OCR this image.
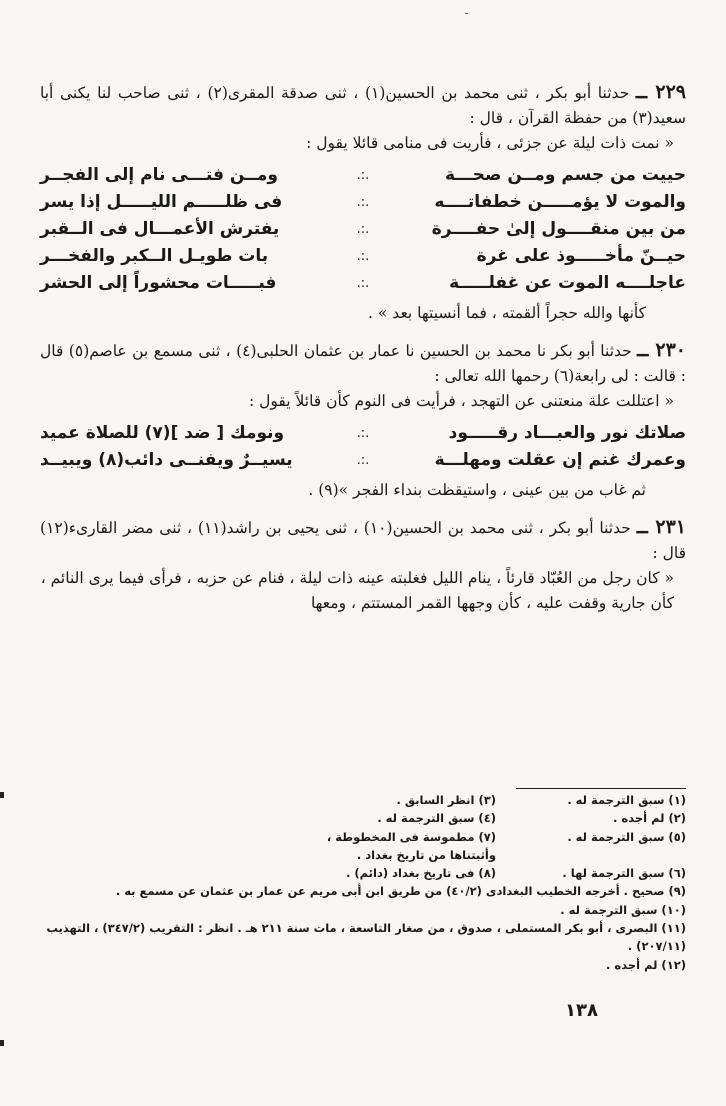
ـ

٢٢٩ ــ حدثنا أبو بكر ، ثنى محمد بن الحسين(١) ، ثنى صدقة المقرى(٢) ، ثنى صاحب لنا يكنى أبا سعيد(٣) من حفظة القرآن ، قال :

« نمت ذات ليلة عن جزئى ، فأريت فى منامى قائلا يقول :

حييت من جسم ومــن صحـــة
.:.
ومــن فتـــى نام إلى الفجــر
والموت لا يؤمـــــن خطفاتــــه
.:.
فى ظلـــــم الليـــــل إذا يسر
من بين منقــــول إلىٰ حفــــرة
.:.
يفترش الأعمـــال فى الــقبر
حيــنّ مأخـــــوذ على غرة
.:.
بات طويـل الــكبر والفخـــر
عاجلــــه الموت عن غفلـــــة
.:.
فبـــــات محشوراً إلى الحشر

كأنها والله حجراً ألقمته ، فما أنسيتها بعد » .

٢٣٠ ــ حدثنا أبو بكر نا محمد بن الحسين نا عمار بن عثمان الحلبى(٤) ، ثنى مسمع بن عاصم(٥) قال : قالت : لى رابعة(٦) رحمها الله تعالى :

« اعتللت علة منعتنى عن التهجد ، فرأيت فى النوم كأن قائلاً يقول :

صلاتك نور والعبـــاد رقـــــود
.:.
ونومك [ ضد ](٧) للصلاة عميد
وعمرك غنم إن عقلت ومهلـــة
.:.
يسيــرٌ ويفنــى دائب(٨) ويبيــد

ثم غاب من بين عينى ، واستيقظت بنداء الفجر »(٩) .

٢٣١ ــ حدثنا أبو بكر ، ثنى محمد بن الحسين(١٠) ، ثنى يحيى بن راشد(١١) ، ثنى مضر القارىء(١٢) قال :

« كان رجل من العُبّاد قارئاً ، ينام الليل فغلبته عينه ذات ليلة ، فنام عن حزبه ، فرأى فيما يرى النائم ، كأن جارية وقفت عليه ، كأن وجهها القمر المستتم ، ومعها

(١) سبق الترجمة له .
(٣) انظر السابق .
(٢) لم أجده .
(٤) سبق الترجمة له .
(٥) سبق الترجمة له .
(٧) مطموسة فى المخطوطة ، وأثبتناها من تاريخ بغداد .
(٦) سبق الترجمة لها .
(٨) فى تاريخ بغداد (دائم) .
(٩) صحيح . أخرجه الخطيب البغدادى (٤٠/٢) من طريق ابن أبى مريم عن عمار بن عثمان عن مسمع به .
(١٠) سبق الترجمة له .
(١١) البصرى ، أبو بكر المستملى ، صدوق ، من صغار التاسعة ، مات سنة ٢١١ هـ . انظر : التقريب (٣٤٧/٢) ، التهذيب (٢٠٧/١١) .
(١٢) لم أجده .
١٣٨
